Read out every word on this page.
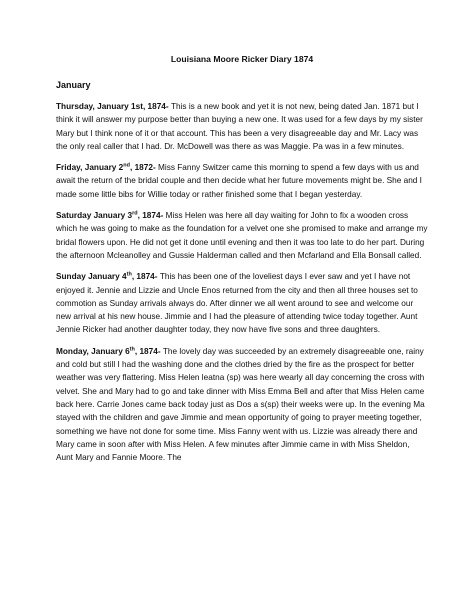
Louisiana Moore Ricker Diary 1874
January
Thursday, January 1st, 1874- This is a new book and yet it is not new, being dated Jan. 1871 but I think it will answer my purpose better than buying a new one. It was used for a few days by my sister Mary but I think none of it or that account. This has been a very disagreeable day and Mr. Lacy was the only real caller that I had. Dr. McDowell was there as was Maggie. Pa was in a few minutes.
Friday, January 2nd, 1872- Miss Fanny Switzer came this morning to spend a few days with us and await the return of the bridal couple and then decide what her future movements might be. She and I made some little bibs for Willie today or rather finished some that I began yesterday.
Saturday January 3rd, 1874- Miss Helen was here all day waiting for John to fix a wooden cross which he was going to make as the foundation for a velvet one she promised to make and arrange my bridal flowers upon. He did not get it done until evening and then it was too late to do her part. During the afternoon Mcleanolley and Gussie Halderman called and then Mcfarland and Ella Bonsall called.
Sunday January 4th, 1874- This has been one of the loveliest days I ever saw and yet I have not enjoyed it. Jennie and Lizzie and Uncle Enos returned from the city and then all three houses set to commotion as Sunday arrivals always do. After dinner we all went around to see and welcome our new arrival at his new house. Jimmie and I had the pleasure of attending twice today together. Aunt Jennie Ricker had another daughter today, they now have five sons and three daughters.
Monday, January 6th, 1874- The lovely day was succeeded by an extremely disagreeable one, rainy and cold but still I had the washing done and the clothes dried by the fire as the prospect for better weather was very flattering. Miss Helen leatna (sp) was here wearly all day concerning the cross with velvet. She and Mary had to go and take dinner with Miss Emma Bell and after that Miss Helen came back here. Carrie Jones came back today just as Dos a s(sp) their weeks were up. In the evening Ma stayed with the children and gave Jimmie and mean opportunity of going to prayer meeting together, something we have not done for some time. Miss Fanny went with us. Lizzie was already there and Mary came in soon after with Miss Helen. A few minutes after Jimmie came in with Miss Sheldon, Aunt Mary and Fannie Moore. The
